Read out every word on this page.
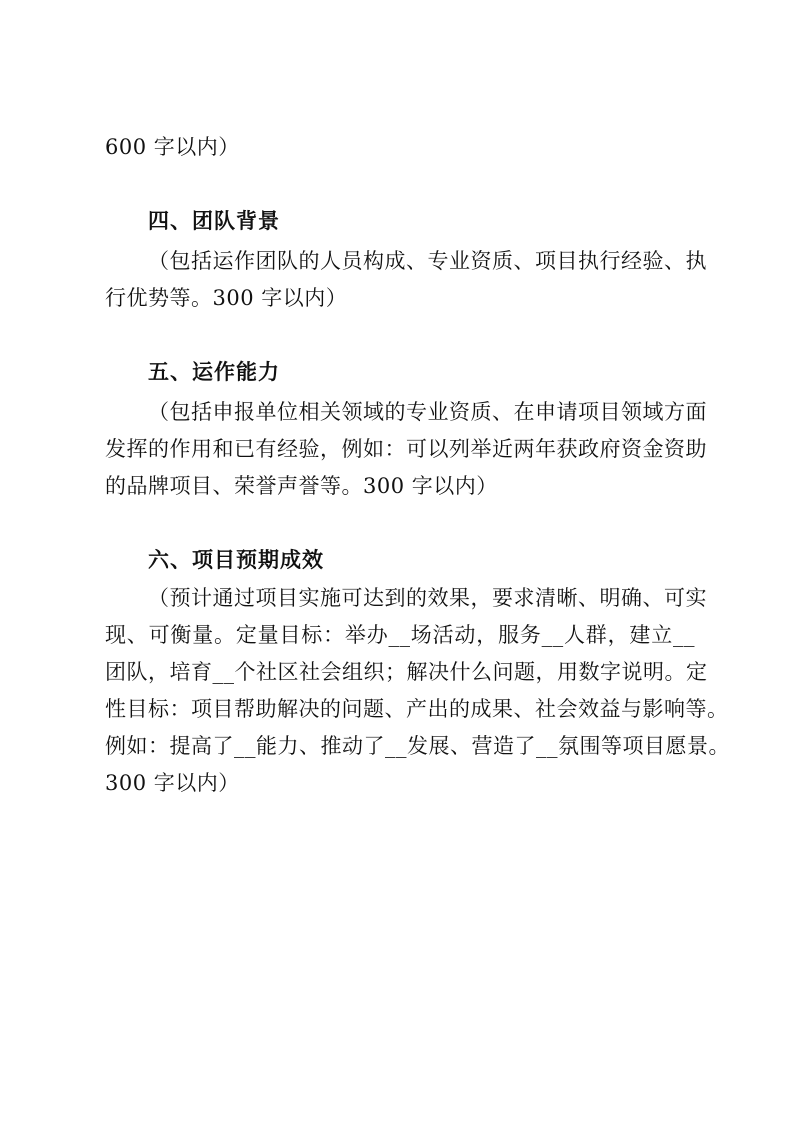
600 字以内）
四、团队背景
（包括运作团队的人员构成、专业资质、项目执行经验、执
行优势等。300 字以内）
五、运作能力
（包括申报单位相关领域的专业资质、在申请项目领域方面
发挥的作用和已有经验，例如：可以列举近两年获政府资金资助
的品牌项目、荣誉声誉等。300 字以内）
六、项目预期成效
（预计通过项目实施可达到的效果，要求清晰、明确、可实
现、可衡量。定量目标：举办__场活动，服务__人群，建立__
团队，培育__个社区社会组织；解决什么问题，用数字说明。定
性目标：项目帮助解决的问题、产出的成果、社会效益与影响等。
例如：提高了__能力、推动了__发展、营造了__氛围等项目愿景。
300 字以内）
